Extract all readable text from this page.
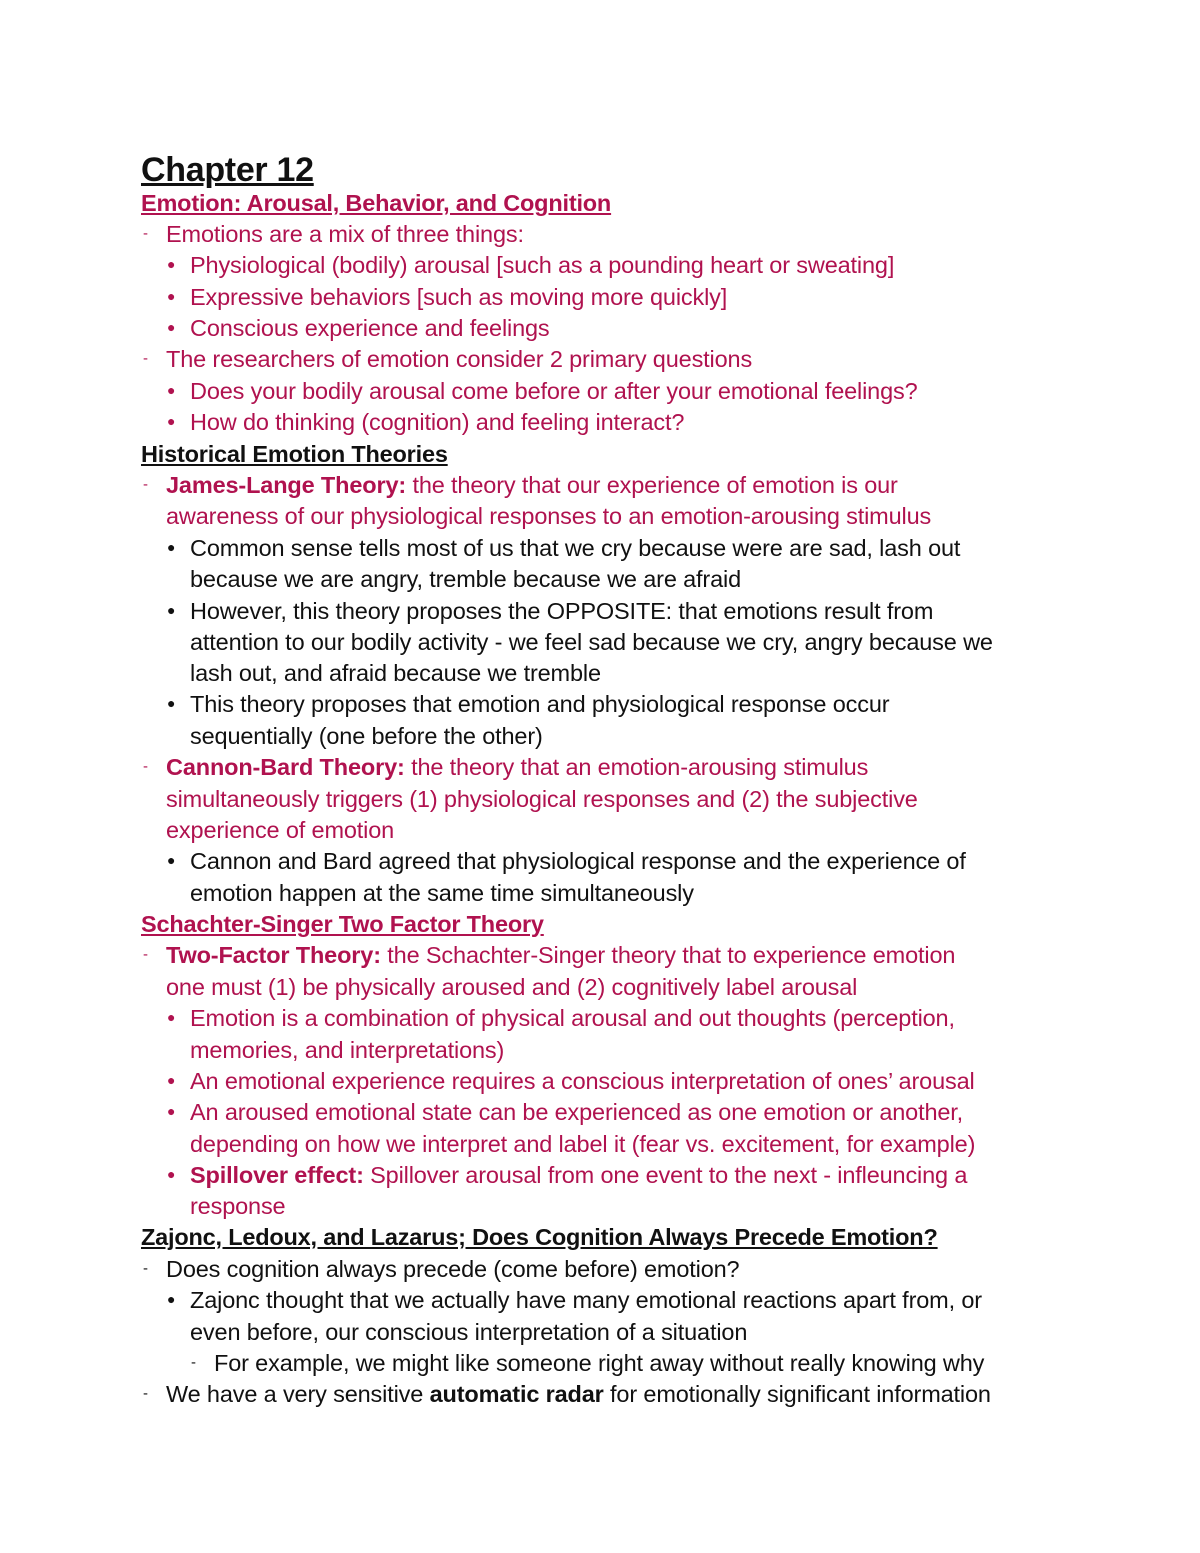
Chapter 12
Emotion: Arousal, Behavior, and Cognition
- Emotions are a mix of three things:
● Physiological (bodily) arousal [such as a pounding heart or sweating]
● Expressive behaviors [such as moving more quickly]
● Conscious experience and feelings
- The researchers of emotion consider 2 primary questions
● Does your bodily arousal come before or after your emotional feelings?
● How do thinking (cognition) and feeling interact?
Historical Emotion Theories
- James-Lange Theory: the theory that our experience of emotion is our
awareness of our physiological responses to an emotion-arousing stimulus
● Common sense tells most of us that we cry because were are sad, lash out
because we are angry, tremble because we are afraid
● However, this theory proposes the OPPOSITE: that emotions result from
attention to our bodily activity - we feel sad because we cry, angry because we
lash out, and afraid because we tremble
● This theory proposes that emotion and physiological response occur
sequentially (one before the other)
- Cannon-Bard Theory: the theory that an emotion-arousing stimulus
simultaneously triggers (1) physiological responses and (2) the subjective
experience of emotion
● Cannon and Bard agreed that physiological response and the experience of
emotion happen at the same time simultaneously
Schachter-Singer Two Factor Theory
- Two-Factor Theory: the Schachter-Singer theory that to experience emotion
one must (1) be physically aroused and (2) cognitively label arousal
● Emotion is a combination of physical arousal and out thoughts (perception,
memories, and interpretations)
● An emotional experience requires a conscious interpretation of ones’ arousal
● An aroused emotional state can be experienced as one emotion or another,
depending on how we interpret and label it (fear vs. excitement, for example)
● Spillover effect: Spillover arousal from one event to the next - infleuncing a
response
Zajonc, Ledoux, and Lazarus; Does Cognition Always Precede Emotion?
- Does cognition always precede (come before) emotion?
● Zajonc thought that we actually have many emotional reactions apart from, or
even before, our conscious interpretation of a situation
- For example, we might like someone right away without really knowing why
- We have a very sensitive automatic radar for emotionally significant information
